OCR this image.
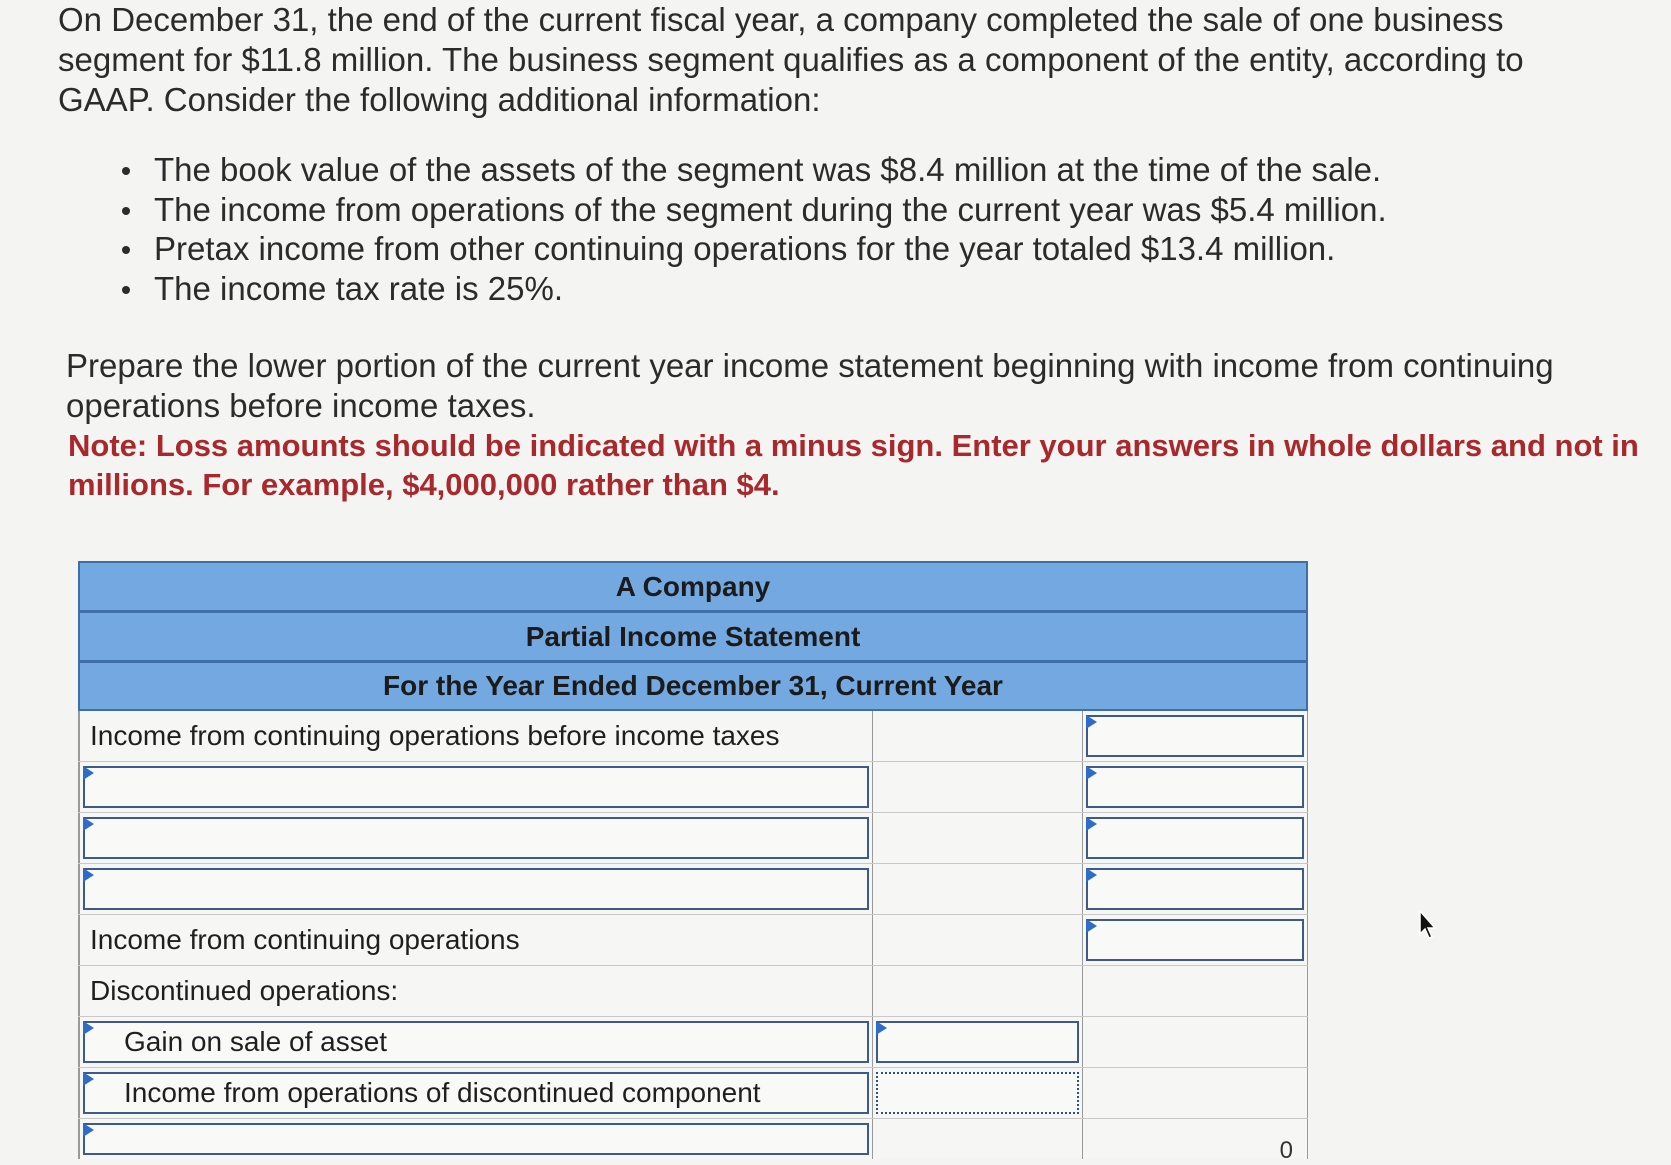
On December 31, the end of the current fiscal year, a company completed the sale of one business segment for $11.8 million. The business segment qualifies as a component of the entity, according to GAAP. Consider the following additional information:

The book value of the assets of the segment was $8.4 million at the time of the sale.
The income from operations of the segment during the current year was $5.4 million.
Pretax income from other continuing operations for the year totaled $13.4 million.
The income tax rate is 25%.

Prepare the lower portion of the current year income statement beginning with income from continuing operations before income taxes.

Note: Loss amounts should be indicated with a minus sign. Enter your answers in whole dollars and not in millions. For example, $4,000,000 rather than $4.

A Company
Partial Income Statement
For the Year Ended December 31, Current Year
Income from continuing operations before income taxes
Income from continuing operations
Discontinued operations:
Gain on sale of asset
Income from operations of discontinued component
0
